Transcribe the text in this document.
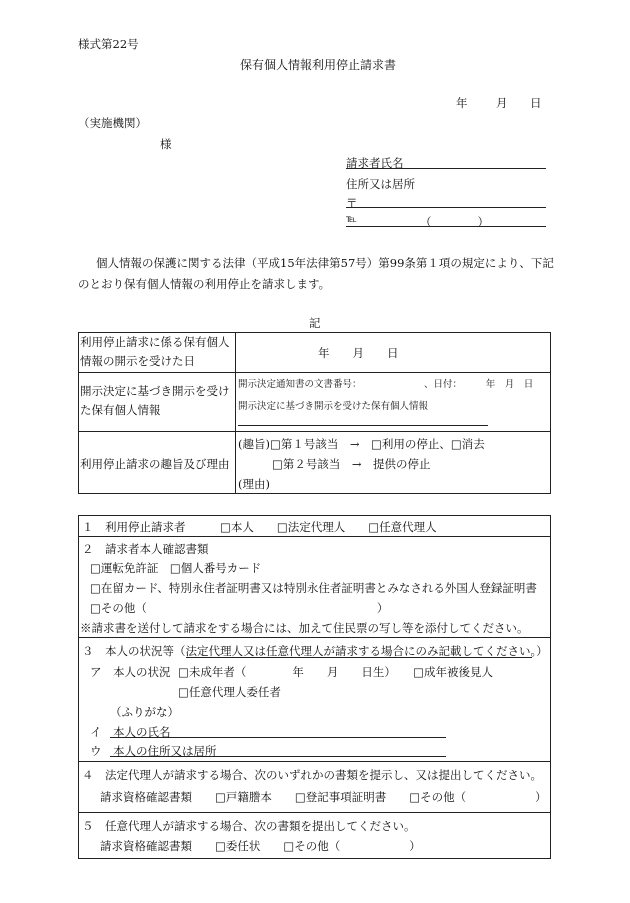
様式第22号
保有個人情報利用停止請求書
年 月 日
（実施機関）
様
請求者氏名
住所又は居所
〒
℡	（　　　　）
個人情報の保護に関する法律（平成15年法律第57号）第99条第１項の規定により、下記
のとおり保有個人情報の利用停止を請求します。
記
利用停止請求に係る保有個人
情報の開示を受けた日
年　　月　　日
開示決定に基づき開示を受け
た保有個人情報
開示決定通知書の文書番号：	、日付：　　　年　月　日
開示決定に基づき開示を受けた保有個人情報
利用停止請求の趣旨及び理由
(趣旨)□第１号該当　→　□利用の停止、□消去
□第２号該当　→　提供の停止
(理由)
１　利用停止請求者　　　□本人　　□法定代理人　　□任意代理人
２　請求者本人確認書類
□運転免許証　□個人番号カード
□在留カード、特別永住者証明書又は特別永住者証明書とみなされる外国人登録証明書
□その他（　　　　　　　　　　　　　　　　　　　　）
※請求書を送付して請求をする場合には、加えて住民票の写し等を添付してください。
３　本人の状況等（法定代理人又は任意代理人が請求する場合にのみ記載してください。）
ア　本人の状況 □未成年者（　　　　年　　月　　日生）　　□成年被後見人
□任意代理人委任者
（ふりがな）
イ　本人の氏名
ウ　本人の住所又は居所
４　法定代理人が請求する場合、次のいずれかの書類を提示し、又は提出してください。
請求資格確認書類　　□戸籍謄本　　□登記事項証明書　　□その他（　　　　　　）
５　任意代理人が請求する場合、次の書類を提出してください。
請求資格確認書類　　□委任状　　□その他（　　　　　　）
